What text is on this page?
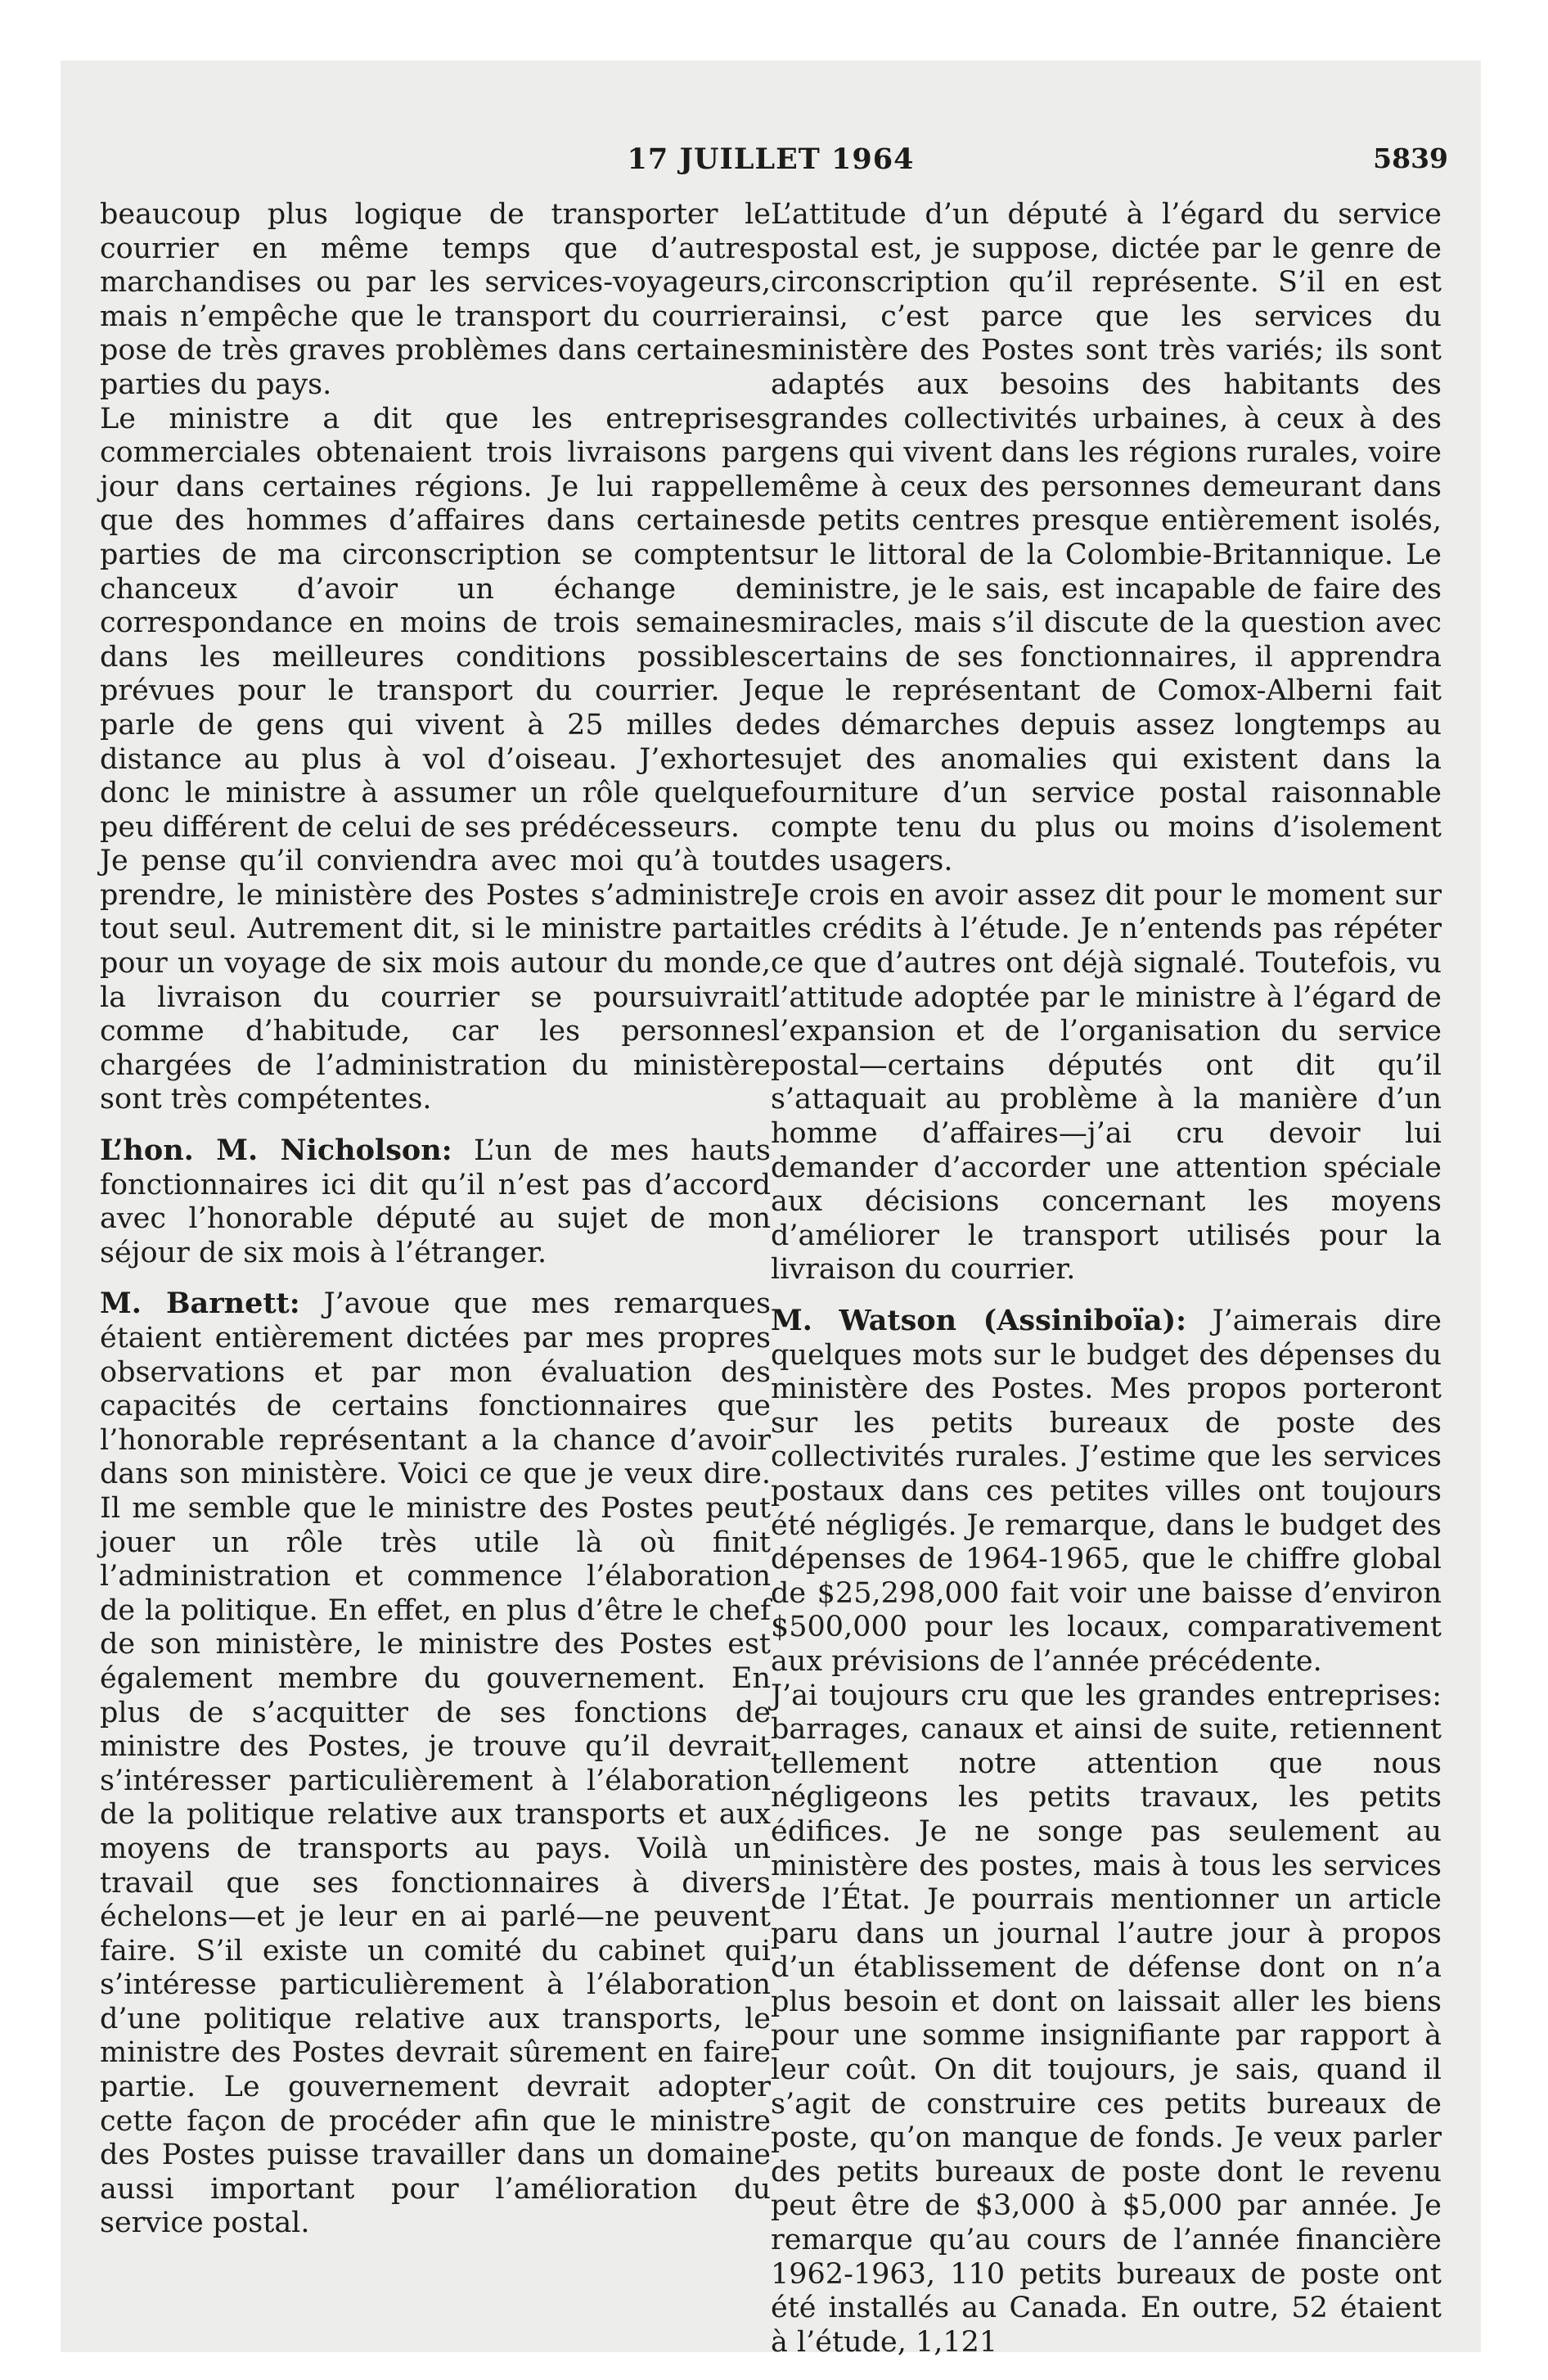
17 JUILLET 1964	5839

beaucoup plus logique de transporter le courrier en même temps que d’autres marchandises ou par les services-voyageurs, mais n’empêche que le transport du courrier pose de très graves problèmes dans certaines parties du pays.

Le ministre a dit que les entreprises commerciales obtenaient trois livraisons par jour dans certaines régions. Je lui rappelle que des hommes d’affaires dans certaines parties de ma circonscription se comptent chanceux d’avoir un échange de correspondance en moins de trois semaines dans les meilleures conditions possibles prévues pour le transport du courrier. Je parle de gens qui vivent à 25 milles de distance au plus à vol d’oiseau. J’exhorte donc le ministre à assumer un rôle quelque peu différent de celui de ses prédécesseurs.

Je pense qu’il conviendra avec moi qu’à tout prendre, le ministère des Postes s’administre tout seul. Autrement dit, si le ministre partait pour un voyage de six mois autour du monde, la livraison du courrier se poursuivrait comme d’habitude, car les personnes chargées de l’administration du ministère sont très compétentes.

L’hon. M. Nicholson: L’un de mes hauts fonctionnaires ici dit qu’il n’est pas d’accord avec l’honorable député au sujet de mon séjour de six mois à l’étranger.

M. Barnett: J’avoue que mes remarques étaient entièrement dictées par mes propres observations et par mon évaluation des capacités de certains fonctionnaires que l’honorable représentant a la chance d’avoir dans son ministère. Voici ce que je veux dire. Il me semble que le ministre des Postes peut jouer un rôle très utile là où finit l’administration et commence l’élaboration de la politique. En effet, en plus d’être le chef de son ministère, le ministre des Postes est également membre du gouvernement. En plus de s’acquitter de ses fonctions de ministre des Postes, je trouve qu’il devrait s’intéresser particulièrement à l’élaboration de la politique relative aux transports et aux moyens de transports au pays. Voilà un travail que ses fonctionnaires à divers échelons—et je leur en ai parlé—ne peuvent faire. S’il existe un comité du cabinet qui s’intéresse particulièrement à l’élaboration d’une politique relative aux transports, le ministre des Postes devrait sûrement en faire partie. Le gouvernement devrait adopter cette façon de procéder afin que le ministre des Postes puisse travailler dans un domaine aussi important pour l’amélioration du service postal.

L’attitude d’un député à l’égard du service postal est, je suppose, dictée par le genre de circonscription qu’il représente. S’il en est ainsi, c’est parce que les services du ministère des Postes sont très variés; ils sont adaptés aux besoins des habitants des grandes collectivités urbaines, à ceux à des gens qui vivent dans les régions rurales, voire même à ceux des personnes demeurant dans de petits centres presque entièrement isolés, sur le littoral de la Colombie-Britannique. Le ministre, je le sais, est incapable de faire des miracles, mais s’il discute de la question avec certains de ses fonctionnaires, il apprendra que le représentant de Comox-Alberni fait des démarches depuis assez longtemps au sujet des anomalies qui existent dans la fourniture d’un service postal raisonnable compte tenu du plus ou moins d’isolement des usagers.

Je crois en avoir assez dit pour le moment sur les crédits à l’étude. Je n’entends pas répéter ce que d’autres ont déjà signalé. Toutefois, vu l’attitude adoptée par le ministre à l’égard de l’expansion et de l’organisation du service postal—certains députés ont dit qu’il s’attaquait au problème à la manière d’un homme d’affaires—j’ai cru devoir lui demander d’accorder une attention spéciale aux décisions concernant les moyens d’améliorer le transport utilisés pour la livraison du courrier.

M. Watson (Assiniboïa): J’aimerais dire quelques mots sur le budget des dépenses du ministère des Postes. Mes propos porteront sur les petits bureaux de poste des collectivités rurales. J’estime que les services postaux dans ces petites villes ont toujours été négligés. Je remarque, dans le budget des dépenses de 1964-1965, que le chiffre global de $25,298,000 fait voir une baisse d’environ $500,000 pour les locaux, comparativement aux prévisions de l’année précédente.

J’ai toujours cru que les grandes entreprises: barrages, canaux et ainsi de suite, retiennent tellement notre attention que nous négligeons les petits travaux, les petits édifices. Je ne songe pas seulement au ministère des postes, mais à tous les services de l’État. Je pourrais mentionner un article paru dans un journal l’autre jour à propos d’un établissement de défense dont on n’a plus besoin et dont on laissait aller les biens pour une somme insignifiante par rapport à leur coût. On dit toujours, je sais, quand il s’agit de construire ces petits bureaux de poste, qu’on manque de fonds. Je veux parler des petits bureaux de poste dont le revenu peut être de $3,000 à $5,000 par année. Je remarque qu’au cours de l’année financière 1962-1963, 110 petits bureaux de poste ont été installés au Canada. En outre, 52 étaient à l’étude, 1,121
